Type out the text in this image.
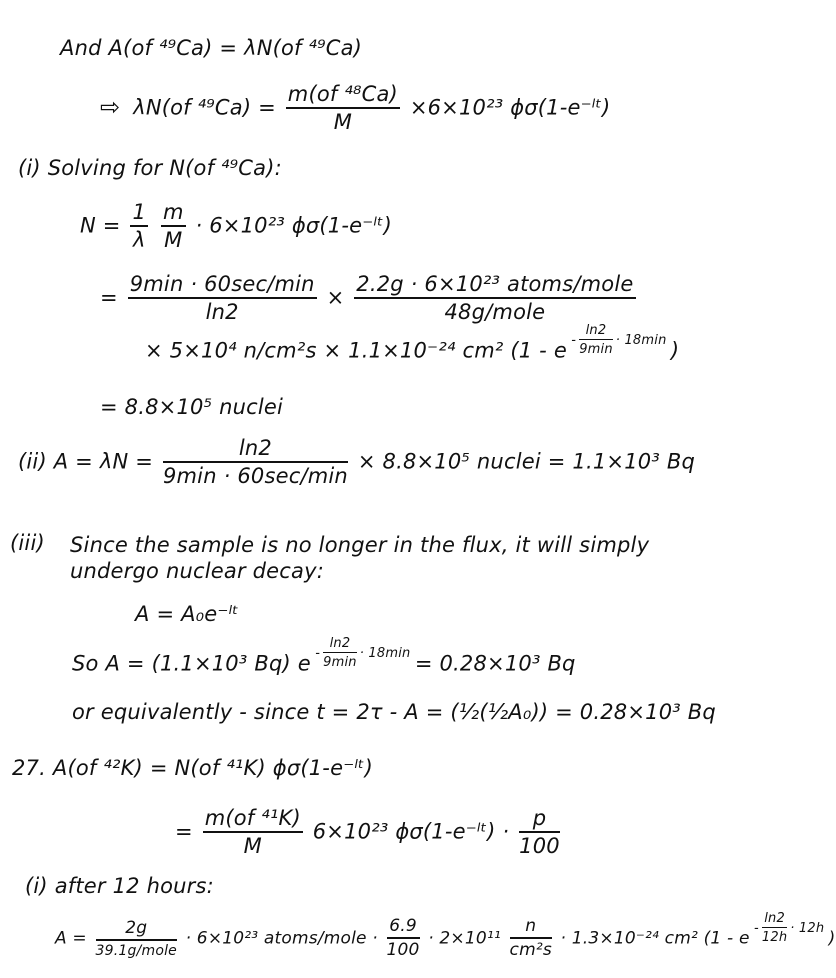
And A(of ⁴⁹Ca) = λN(of ⁴⁹Ca)
⇨ λN(of $^{49}Ca) = \frac{\text{m(of ⁴⁸Ca)}}{M} \times 6\times 10^{23}$ ϕσ(1-e⁻ˡᵗ)
(i) Solving for N(of ⁴⁹Ca):
$N = \frac{1}{\lambda}$
$\frac{m}{M} \cdot 6\times 10^{23}$ ϕσ(1-e⁻ˡᵗ)
= $\frac{9\min \cdot 60\sec/\min}{\ln 2} \times \frac{\text{2.2g · 6×10²³ atoms/mole}}{\text{48g/mole}}$
× 5×10⁴ n/cm²s × 1.1×10⁻²⁴ cm² (1 - e $^{- \frac{\ln 2}{9\min} \cdot 18min}$ )
= 8.8×10⁵ nuclei
(ii) $A = \lambda N = \frac{\ln 2}{9\min \cdot 60\sec/\min} \times 8.8\times 10^5$ nuclei = 1.1×10³ Bq
(iii) Since the sample is no longer in the flux, it will simply
undergo nuclear decay:
A = A₀e⁻ˡᵗ
So A = (1.1×10³ Bq) e $^{- \frac{\ln 2}{9\min} \cdot 18min}$ = 0.28×10³ Bq
or equivalently - since t = 2τ - A = (½(½A₀)) = 0.28×10³ Bq
27. A(of ⁴²K) = N(of ⁴¹K) ϕσ(1-e⁻ˡᵗ)
= $\frac{\text{m(of ⁴¹K)}}{M} 6\times 10^{23}$ ϕσ(1-e⁻ˡᵗ) · $\frac{p}{100}$
(i) after 12 hours:
$A = \frac{2g}{\text{39.1g/mole}} \cdot 6\times 10^{23}$ atoms/mole · $\frac{6.9}{100} \cdot 2\times 10^{11} \frac{n}{\text{cm²s}} \cdot 1.3\times 10^{-24}$ cm² (1 - e $^{- \frac{\ln 2}{12h} \cdot 12h}$ )
